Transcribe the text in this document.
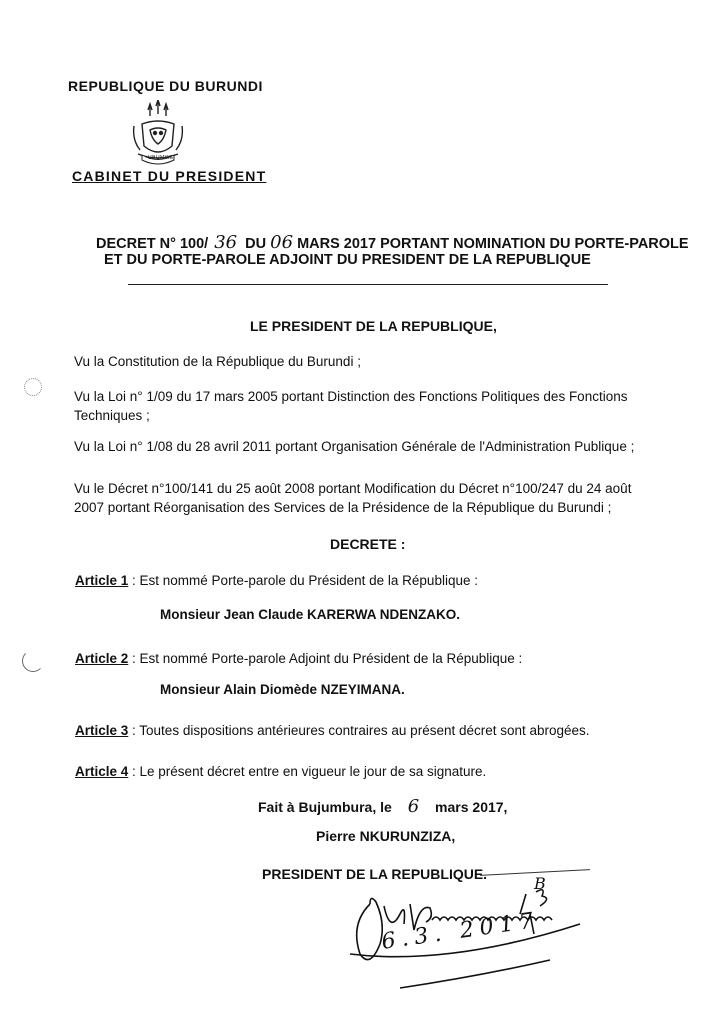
REPUBLIQUE DU BURUNDI
UBUMWE
CABINET DU PRESIDENT
DECRET N° 100/ 36 DU 06 MARS 2017 PORTANT NOMINATION DU PORTE-PAROLE
ET DU PORTE-PAROLE ADJOINT DU PRESIDENT DE LA REPUBLIQUE
LE PRESIDENT DE LA REPUBLIQUE,
Vu la Constitution de la République du Burundi ;
Vu la Loi n° 1/09 du 17 mars 2005 portant Distinction des Fonctions Politiques des Fonctions
Techniques ;
Vu la Loi n° 1/08 du 28 avril 2011 portant Organisation Générale de l'Administration Publique ;
Vu le Décret n°100/141 du 25 août 2008 portant Modification du Décret n°100/247 du 24 août
2007 portant Réorganisation des Services de la Présidence de la République du Burundi ;
DECRETE :
Article 1 : Est nommé Porte-parole du Président de la République :
Monsieur Jean Claude KARERWA NDENZAKO.
Article 2 : Est nommé Porte-parole Adjoint du Président de la République :
Monsieur Alain Diomède NZEYIMANA.
Article 3 : Toutes dispositions antérieures contraires au présent décret sont abrogées.
Article 4 : Le présent décret entre en vigueur le jour de sa signature.
Fait à Bujumbura, le 6 mars 2017,
Pierre NKURUNZIZA,
PRESIDENT DE LA REPUBLIQUE.	B
6.3. 2017
